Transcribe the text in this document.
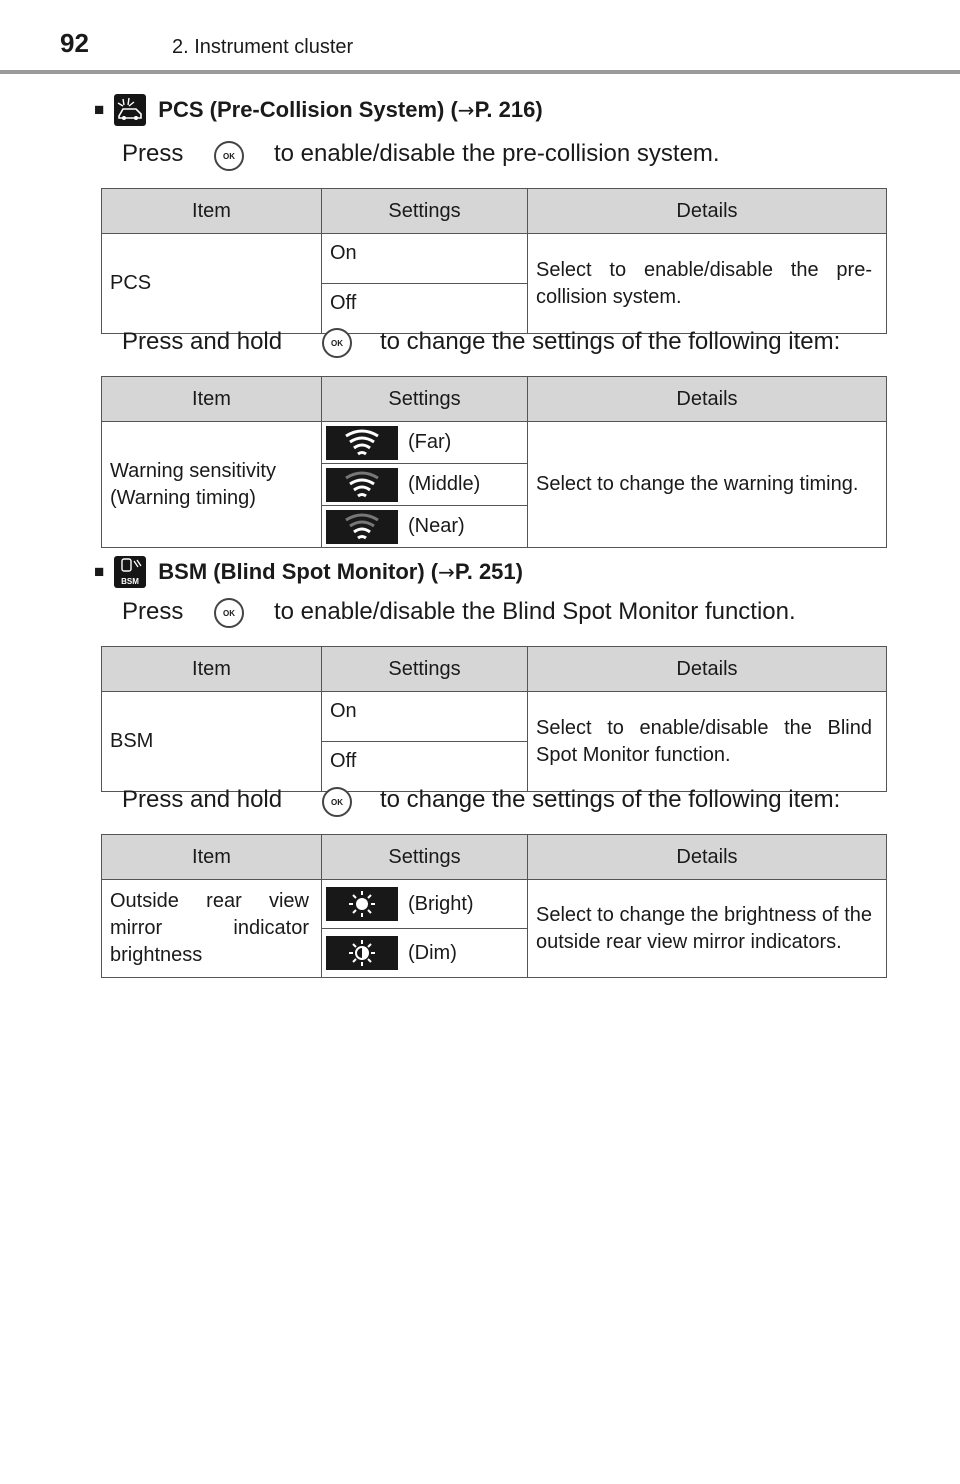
92	2. Instrument cluster
■ PCS (Pre-Collision System) ( → P. 216)
Press	OK	to enable/disable the pre-collision system.
Item	Settings	Details
PCS	On	Select to enable/disable the pre-collision system.
	Off	
Press and hold	OK	to change the settings of the following item:
Item	Settings	Details
Warning sensitivity (Warning timing)	(Far)	Select to change the warning timing.

	(Middle)	

	(Near)	
■
BSM BSM (Blind Spot Monitor) ( → P. 251)
Press	OK	to enable/disable the Blind Spot Monitor function.
Item	Settings	Details
BSM	On	Select to enable/disable the Blind Spot Monitor function.
	Off	
Press and hold	OK	to change the settings of the following item:
Item	Settings	Details
Outside rear view mirror indicator brightness	(Bright)	Select to change the brightness of the outside rear view mirror indicators.

	(Dim)	
